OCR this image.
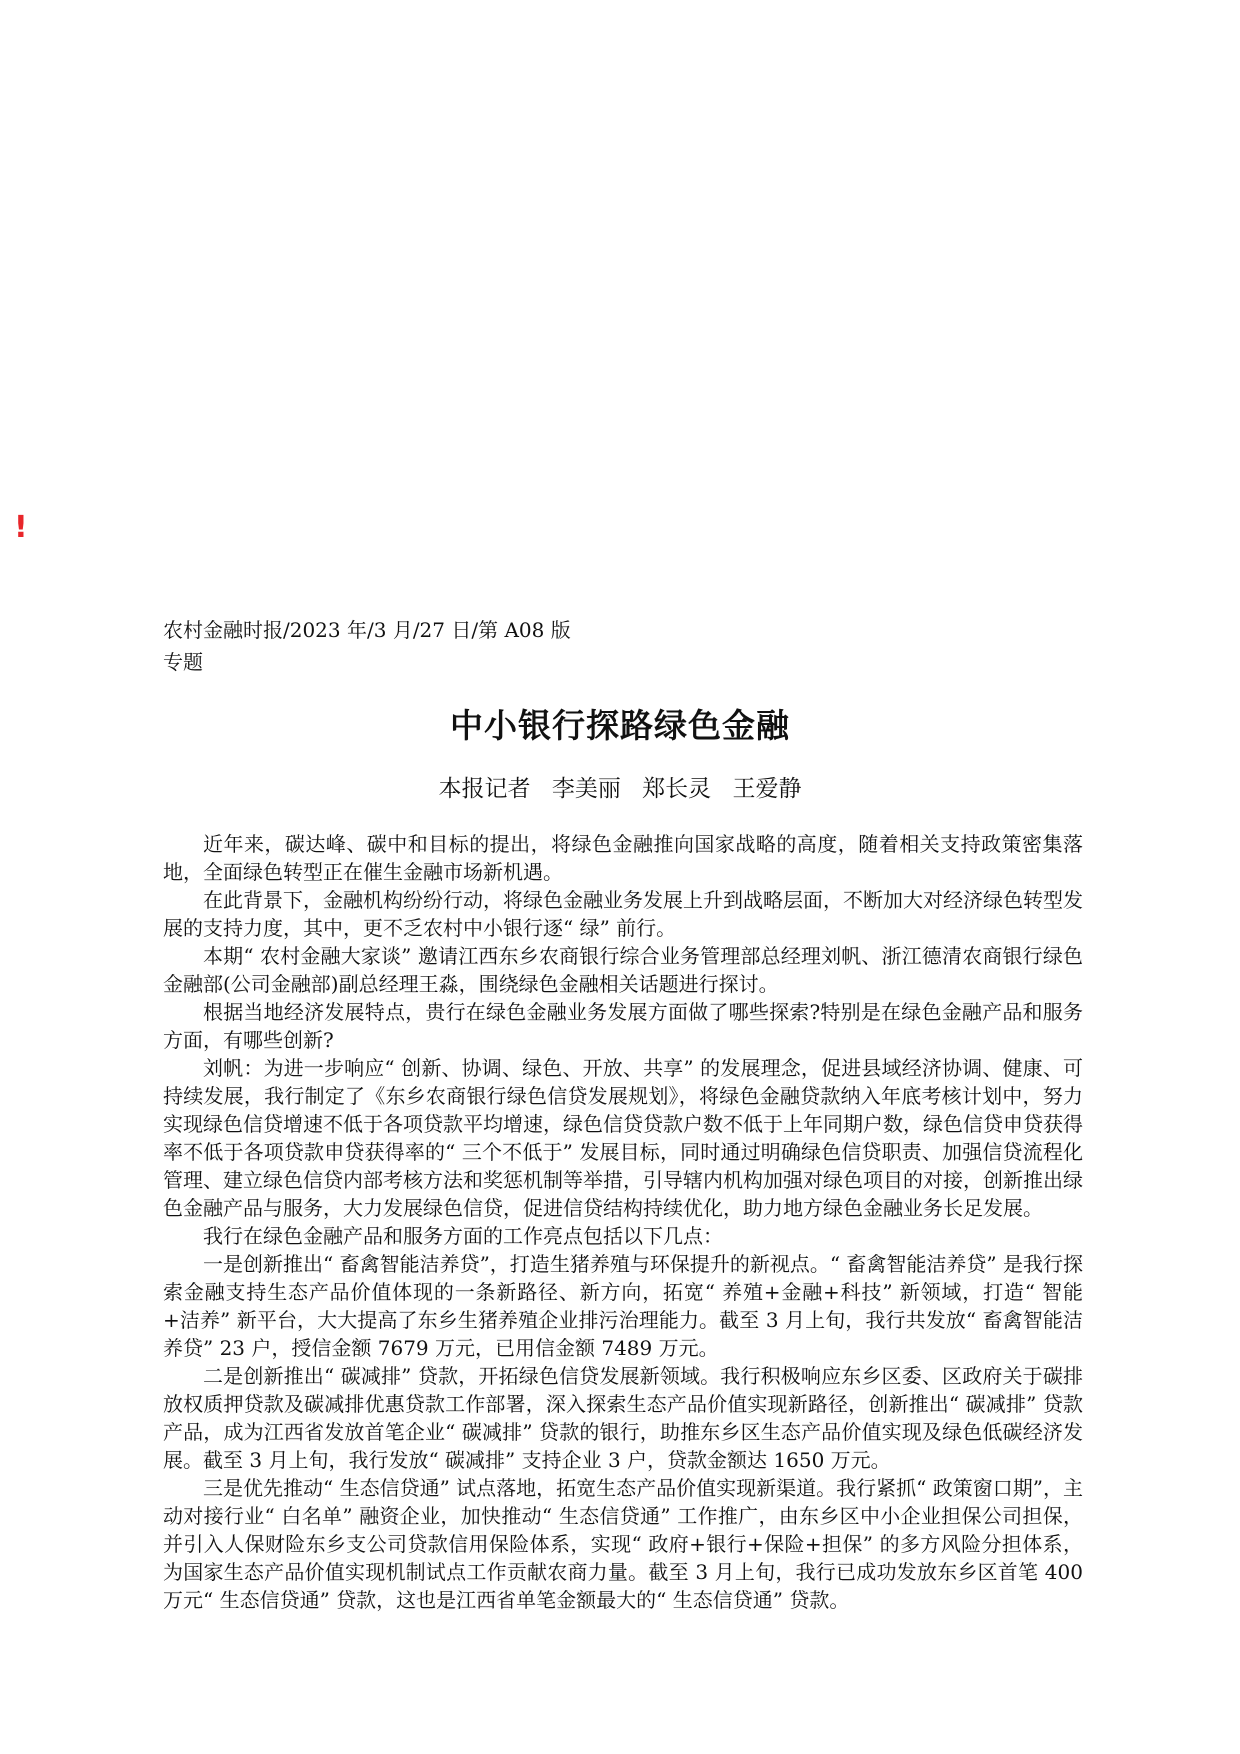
!
农村金融时报/2023 年/3 月/27 日/第 A08 版专题
中小银行探路绿色金融
本报记者 李美丽 郑长灵 王爱静

近年来，碳达峰、碳中和目标的提出，将绿色金融推向国家战略的高度，随着相关支持政策密集落地，全面绿色转型正在催生金融市场新机遇。

在此背景下，金融机构纷纷行动，将绿色金融业务发展上升到战略层面，不断加大对经济绿色转型发展的支持力度，其中，更不乏农村中小银行逐“ 绿” 前行。

本期“ 农村金融大家谈” 邀请江西东乡农商银行综合业务管理部总经理刘帆、浙江德清农商银行绿色金融部(公司金融部)副总经理王淼，围绕绿色金融相关话题进行探讨。

根据当地经济发展特点，贵行在绿色金融业务发展方面做了哪些探索?特别是在绿色金融产品和服务方面，有哪些创新?

刘帆：为进一步响应“ 创新、协调、绿色、开放、共享” 的发展理念，促进县域经济协调、健康、可持续发展，我行制定了《东乡农商银行绿色信贷发展规划》，将绿色金融贷款纳入年底考核计划中，努力实现绿色信贷增速不低于各项贷款平均增速，绿色信贷贷款户数不低于上年同期户数，绿色信贷申贷获得率不低于各项贷款申贷获得率的“ 三个不低于” 发展目标，同时通过明确绿色信贷职责、加强信贷流程化管理、建立绿色信贷内部考核方法和奖惩机制等举措，引导辖内机构加强对绿色项目的对接，创新推出绿色金融产品与服务，大力发展绿色信贷，促进信贷结构持续优化，助力地方绿色金融业务长足发展。

我行在绿色金融产品和服务方面的工作亮点包括以下几点：

一是创新推出“ 畜禽智能洁养贷”，打造生猪养殖与环保提升的新视点。“ 畜禽智能洁养贷” 是我行探索金融支持生态产品价值体现的一条新路径、新方向，拓宽“ 养殖+金融+科技” 新领域，打造“ 智能+洁养” 新平台，大大提高了东乡生猪养殖企业排污治理能力。截至 3 月上旬，我行共发放“ 畜禽智能洁养贷” 23 户，授信金额 7679 万元，已用信金额 7489 万元。

二是创新推出“ 碳减排” 贷款，开拓绿色信贷发展新领域。我行积极响应东乡区委、区政府关于碳排放权质押贷款及碳减排优惠贷款工作部署，深入探索生态产品价值实现新路径，创新推出“ 碳减排” 贷款产品，成为江西省发放首笔企业“ 碳减排” 贷款的银行，助推东乡区生态产品价值实现及绿色低碳经济发展。截至 3 月上旬，我行发放“ 碳减排” 支持企业 3 户，贷款金额达 1650 万元。

三是优先推动“ 生态信贷通” 试点落地，拓宽生态产品价值实现新渠道。我行紧抓“ 政策窗口期”，主动对接行业“ 白名单” 融资企业，加快推动“ 生态信贷通” 工作推广，由东乡区中小企业担保公司担保，并引入人保财险东乡支公司贷款信用保险体系，实现“ 政府+银行+保险+担保” 的多方风险分担体系，为国家生态产品价值实现机制试点工作贡献农商力量。截至 3 月上旬，我行已成功发放东乡区首笔 400 万元“ 生态信贷通” 贷款，这也是江西省单笔金额最大的“ 生态信贷通” 贷款。
